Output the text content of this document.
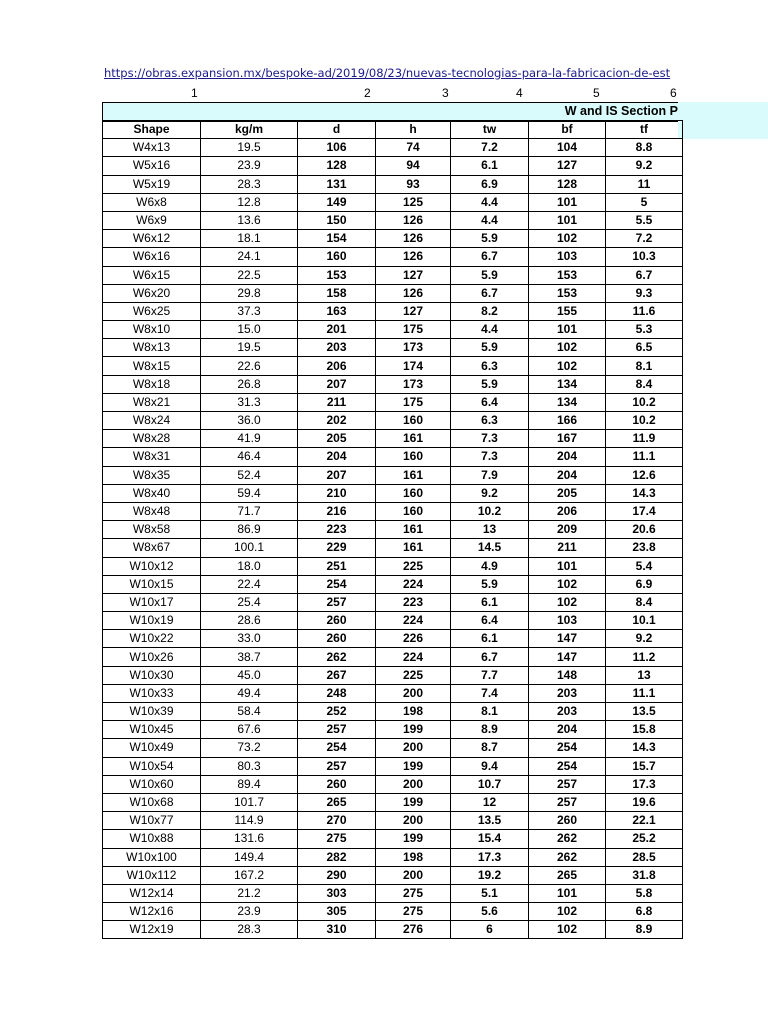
https://obras.expansion.mx/bespoke-ad/2019/08/23/nuevas-tecnologias-para-la-fabricacion-de-est
1	2	3	4	5	6
W and IS Section P
Shape	kg/m	d	h	tw	bf	tf
W4x13	19.5	106	74	7.2	104	8.8
W5x16	23.9	128	94	6.1	127	9.2
W5x19	28.3	131	93	6.9	128	11
W6x8	12.8	149	125	4.4	101	5
W6x9	13.6	150	126	4.4	101	5.5
W6x12	18.1	154	126	5.9	102	7.2
W6x16	24.1	160	126	6.7	103	10.3
W6x15	22.5	153	127	5.9	153	6.7
W6x20	29.8	158	126	6.7	153	9.3
W6x25	37.3	163	127	8.2	155	11.6
W8x10	15.0	201	175	4.4	101	5.3
W8x13	19.5	203	173	5.9	102	6.5
W8x15	22.6	206	174	6.3	102	8.1
W8x18	26.8	207	173	5.9	134	8.4
W8x21	31.3	211	175	6.4	134	10.2
W8x24	36.0	202	160	6.3	166	10.2
W8x28	41.9	205	161	7.3	167	11.9
W8x31	46.4	204	160	7.3	204	11.1
W8x35	52.4	207	161	7.9	204	12.6
W8x40	59.4	210	160	9.2	205	14.3
W8x48	71.7	216	160	10.2	206	17.4
W8x58	86.9	223	161	13	209	20.6
W8x67	100.1	229	161	14.5	211	23.8
W10x12	18.0	251	225	4.9	101	5.4
W10x15	22.4	254	224	5.9	102	6.9
W10x17	25.4	257	223	6.1	102	8.4
W10x19	28.6	260	224	6.4	103	10.1
W10x22	33.0	260	226	6.1	147	9.2
W10x26	38.7	262	224	6.7	147	11.2
W10x30	45.0	267	225	7.7	148	13
W10x33	49.4	248	200	7.4	203	11.1
W10x39	58.4	252	198	8.1	203	13.5
W10x45	67.6	257	199	8.9	204	15.8
W10x49	73.2	254	200	8.7	254	14.3
W10x54	80.3	257	199	9.4	254	15.7
W10x60	89.4	260	200	10.7	257	17.3
W10x68	101.7	265	199	12	257	19.6
W10x77	114.9	270	200	13.5	260	22.1
W10x88	131.6	275	199	15.4	262	25.2
W10x100	149.4	282	198	17.3	262	28.5
W10x112	167.2	290	200	19.2	265	31.8
W12x14	21.2	303	275	5.1	101	5.8
W12x16	23.9	305	275	5.6	102	6.8
W12x19	28.3	310	276	6	102	8.9
